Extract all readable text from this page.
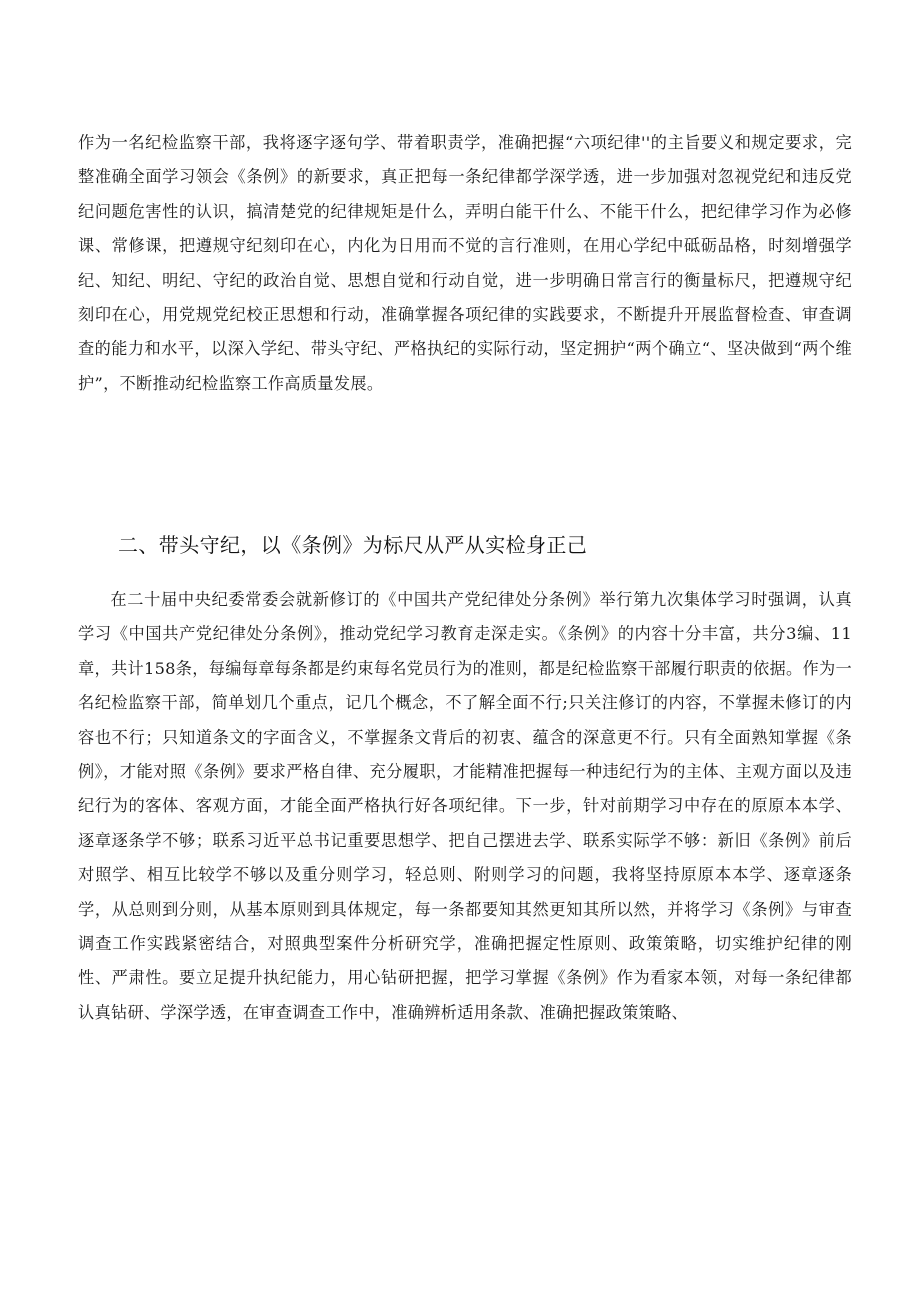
作为一名纪检监察干部，我将逐字逐句学、带着职责学，准确把握“六项纪律''的主旨要义和规定要求，完整准确全面学习领会《条例》的新要求，真正把每一条纪律都学深学透，进一步加强对忽视党纪和违反党纪问题危害性的认识，搞清楚党的纪律规矩是什么，弄明白能干什么、不能干什么，把纪律学习作为必修课、常修课，把遵规守纪刻印在心，内化为日用而不觉的言行准则，在用心学纪中砥砺品格，时刻增强学纪、知纪、明纪、守纪的政治自觉、思想自觉和行动自觉，进一步明确日常言行的衡量标尺，把遵规守纪刻印在心，用党规党纪校正思想和行动，准确掌握各项纪律的实践要求，不断提升开展监督检查、审查调查的能力和水平，以深入学纪、带头守纪、严格执纪的实际行动，坚定拥护“两个确立“、坚决做到“两个维护”，不断推动纪检监察工作高质量发展。

二、带头守纪，以《条例》为标尺从严从实检身正己

在二十届中央纪委常委会就新修订的《中国共产党纪律处分条例》举行第九次集体学习时强调，认真学习《中国共产党纪律处分条例》，推动党纪学习教育走深走实。《条例》的内容十分丰富，共分3编、11章，共计158条，每编每章每条都是约束每名党员行为的准则，都是纪检监察干部履行职责的依据。作为一名纪检监察干部，简单划几个重点，记几个概念，不了解全面不行;只关注修订的内容，不掌握未修订的内容也不行；只知道条文的字面含义，不掌握条文背后的初衷、蕴含的深意更不行。只有全面熟知掌握《条例》，才能对照《条例》要求严格自律、充分履职，才能精准把握每一种违纪行为的主体、主观方面以及违纪行为的客体、客观方面，才能全面严格执行好各项纪律。下一步，针对前期学习中存在的原原本本学、逐章逐条学不够；联系习近平总书记重要思想学、把自己摆进去学、联系实际学不够：新旧《条例》前后对照学、相互比较学不够以及重分则学习，轻总则、附则学习的问题，我将坚持原原本本学、逐章逐条学，从总则到分则，从基本原则到具体规定，每一条都要知其然更知其所以然，并将学习《条例》与审查调查工作实践紧密结合，对照典型案件分析研究学，准确把握定性原则、政策策略，切实维护纪律的刚性、严肃性。要立足提升执纪能力，用心钻研把握，把学习掌握《条例》作为看家本领，对每一条纪律都认真钻研、学深学透，在审查调查工作中，准确辨析适用条款、准确把握政策策略、
